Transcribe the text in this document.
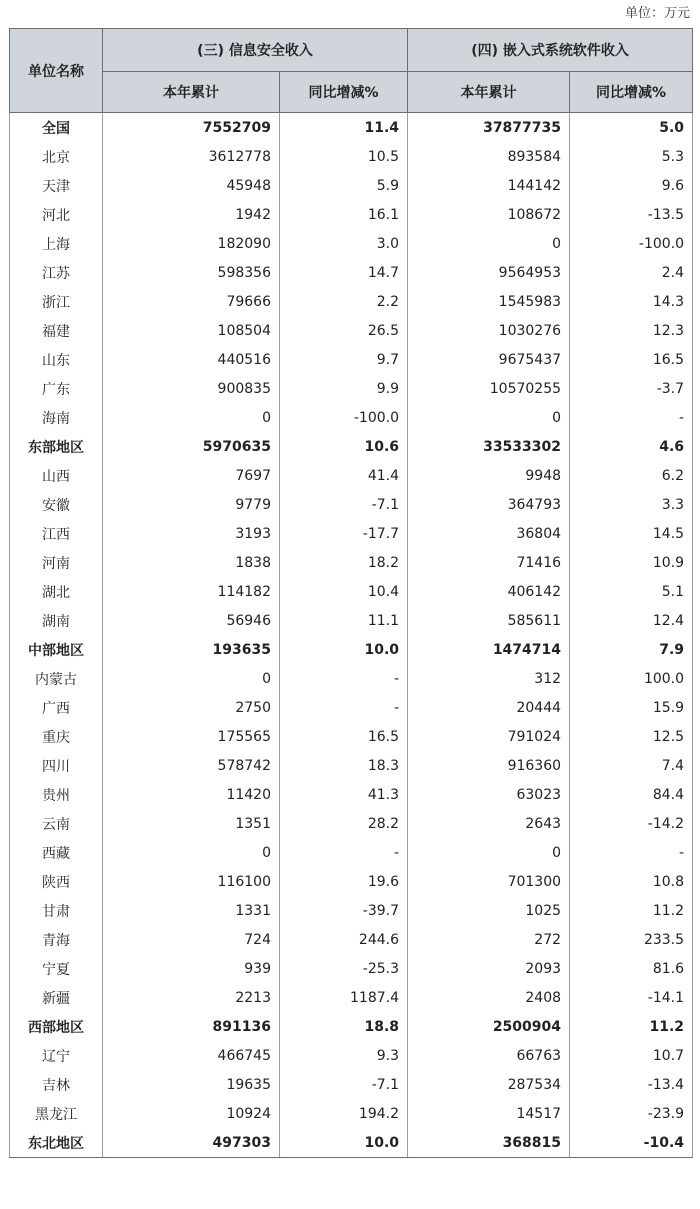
单位：万元
单位名称	(三) 信息安全收入		(四) 嵌入式系统软件收入	
	本年累计	同比增减%	本年累计	同比增减%
全国	7552709	11.4	37877735	5.0
北京	3612778	10.5	893584	5.3
天津	45948	5.9	144142	9.6
河北	1942	16.1	108672	-13.5
上海	182090	3.0	0	-100.0
江苏	598356	14.7	9564953	2.4
浙江	79666	2.2	1545983	14.3
福建	108504	26.5	1030276	12.3
山东	440516	9.7	9675437	16.5
广东	900835	9.9	10570255	-3.7
海南	0	-100.0	0	-
东部地区	5970635	10.6	33533302	4.6
山西	7697	41.4	9948	6.2
安徽	9779	-7.1	364793	3.3
江西	3193	-17.7	36804	14.5
河南	1838	18.2	71416	10.9
湖北	114182	10.4	406142	5.1
湖南	56946	11.1	585611	12.4
中部地区	193635	10.0	1474714	7.9
内蒙古	0	-	312	100.0
广西	2750	-	20444	15.9
重庆	175565	16.5	791024	12.5
四川	578742	18.3	916360	7.4
贵州	11420	41.3	63023	84.4
云南	1351	28.2	2643	-14.2
西藏	0	-	0	-
陕西	116100	19.6	701300	10.8
甘肃	1331	-39.7	1025	11.2
青海	724	244.6	272	233.5
宁夏	939	-25.3	2093	81.6
新疆	2213	1187.4	2408	-14.1
西部地区	891136	18.8	2500904	11.2
辽宁	466745	9.3	66763	10.7
吉林	19635	-7.1	287534	-13.4
黑龙江	10924	194.2	14517	-23.9
东北地区	497303	10.0	368815	-10.4
